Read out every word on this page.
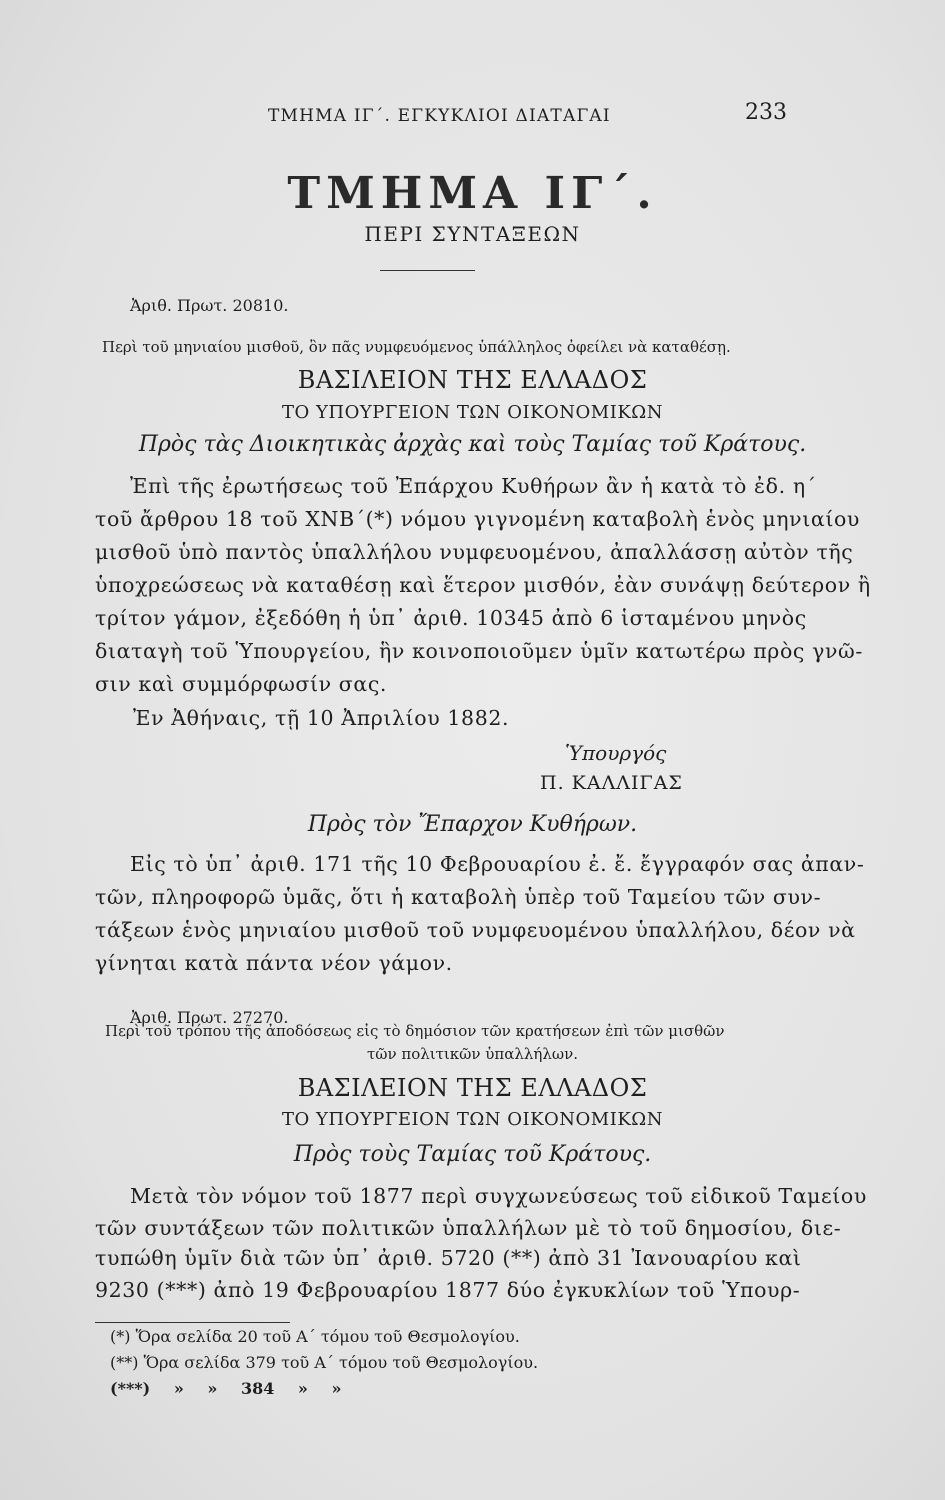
ΤΜΗΜΑ ΙΓ΄. ΕΓΚΥΚΛΙΟΙ ΔΙΑΤΑΓΑΙ	233
ΤΜΗΜΑ ΙΓ΄.
ΠΕΡΙ ΣΥΝΤΑΞΕΩΝ
Ἀριθ. Πρωτ. 20810.
Περὶ τοῦ μηνιαίου μισθοῦ, ὃν πᾶς νυμφευόμενος ὑπάλληλος ὀφείλει νὰ καταθέσῃ.
ΒΑΣΙΛΕΙΟΝ ΤΗΣ ΕΛΛΑΔΟΣ
ΤΟ ΥΠΟΥΡΓΕΙΟΝ ΤΩΝ ΟΙΚΟΝΟΜΙΚΩΝ
Πρὸς τὰς Διοικητικὰς ἀρχὰς καὶ τοὺς Ταμίας τοῦ Κράτους.
Ἐπὶ τῆς ἐρωτήσεως τοῦ Ἐπάρχου Κυθήρων ἂν ἡ κατὰ τὸ ἐδ. η΄
τοῦ ἄρθρου 18 τοῦ ΧΝΒ΄(*) νόμου γιγνομένη καταβολὴ ἑνὸς μηνιαίου
μισθοῦ ὑπὸ παντὸς ὑπαλλήλου νυμφευομένου, ἀπαλλάσσῃ αὐτὸν τῆς
ὑποχρεώσεως νὰ καταθέσῃ καὶ ἕτερον μισθόν, ἐὰν συνάψῃ δεύτερον ἢ
τρίτον γάμον, ἐξεδόθη ἡ ὑπ᾽ ἀριθ. 10345 ἀπὸ 6 ἱσταμένου μηνὸς
διαταγὴ τοῦ Ὑπουργείου, ἣν κοινοποιοῦμεν ὑμῖν κατωτέρω πρὸς γνῶ-
σιν καὶ συμμόρφωσίν σας.
Ἐν Ἀθήναις, τῇ 10 Ἀπριλίου 1882.
Ὑπουργός
Π. ΚΑΛΛΙΓΑΣ
Πρὸς τὸν Ἔπαρχον Κυθήρων.
Εἰς τὸ ὑπ᾽ ἀριθ. 171 τῆς 10 Φεβρουαρίου ἐ. ἔ. ἔγγραφόν σας ἀπαν-
τῶν, πληροφορῶ ὑμᾶς, ὅτι ἡ καταβολὴ ὑπὲρ τοῦ Ταμείου τῶν συν-
τάξεων ἑνὸς μηνιαίου μισθοῦ τοῦ νυμφευομένου ὑπαλλήλου, δέον νὰ
γίνηται κατὰ πάντα νέον γάμον.
Ἀριθ. Πρωτ. 27270.
Περὶ τοῦ τρόπου τῆς ἀποδόσεως εἰς τὸ δημόσιον τῶν κρατήσεων ἐπὶ τῶν μισθῶν
τῶν πολιτικῶν ὑπαλλήλων.
ΒΑΣΙΛΕΙΟΝ ΤΗΣ ΕΛΛΑΔΟΣ
ΤΟ ΥΠΟΥΡΓΕΙΟΝ ΤΩΝ ΟΙΚΟΝΟΜΙΚΩΝ
Πρὸς τοὺς Ταμίας τοῦ Κράτους.
Μετὰ τὸν νόμον τοῦ 1877 περὶ συγχωνεύσεως τοῦ εἰδικοῦ Ταμείου
τῶν συντάξεων τῶν πολιτικῶν ὑπαλλήλων μὲ τὸ τοῦ δημοσίου, διε-
τυπώθη ὑμῖν διὰ τῶν ὑπ᾽ ἀριθ. 5720 (**) ἀπὸ 31 Ἰανουαρίου καὶ
9230 (***) ἀπὸ 19 Φεβρουαρίου 1877 δύο ἐγκυκλίων τοῦ Ὑπουρ-
(*) Ὅρα σελίδα 20 τοῦ Α΄ τόμου τοῦ Θεσμολογίου.
(**) Ὅρα σελίδα 379 τοῦ Α΄ τόμου τοῦ Θεσμολογίου.
(***) » » 384 » »
